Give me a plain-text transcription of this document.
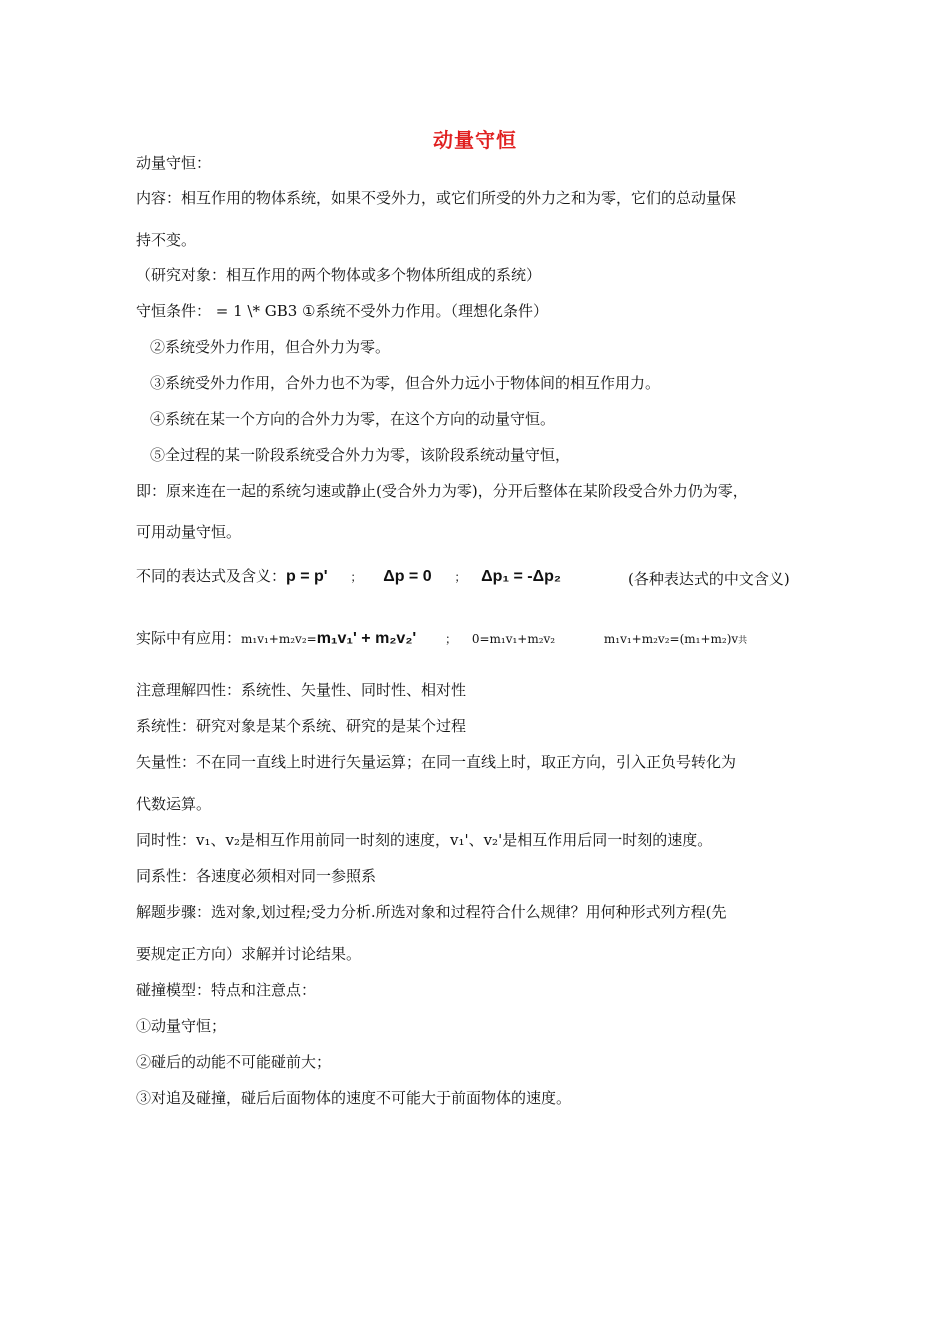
动量守恒
动量守恒：
内容：相互作用的物体系统，如果不受外力，或它们所受的外力之和为零，它们的总动量保
持不变。
（研究对象：相互作用的两个物体或多个物体所组成的系统）
守恒条件： = 1 \* GB3 ①系统不受外力作用。（理想化条件）
②系统受外力作用，但合外力为零。
③系统受外力作用，合外力也不为零，但合外力远小于物体间的相互作用力。
④系统在某一个方向的合外力为零，在这个方向的动量守恒。
⑤全过程的某一阶段系统受合外力为零，该阶段系统动量守恒，
即：原来连在一起的系统匀速或静止(受合外力为零)，分开后整体在某阶段受合外力仍为零，
可用动量守恒。
不同的表达式及含义：p = p' ； Δp = 0 ； Δp₁ = -Δp₂	(各种表达式的中文含义)
实际中有应用：m₁v₁+m₂v₂=m₁v₁' + m₂v₂' ； 0=m₁v₁+m₂v₂	m₁v₁+m₂v₂=(m₁+m₂)v共
注意理解四性：系统性、矢量性、同时性、相对性
系统性：研究对象是某个系统、研究的是某个过程
矢量性：不在同一直线上时进行矢量运算；在同一直线上时，取正方向，引入正负号转化为
代数运算。
同时性：v₁、v₂是相互作用前同一时刻的速度，v₁'、v₂'是相互作用后同一时刻的速度。
同系性：各速度必须相对同一参照系
解题步骤：选对象,划过程;受力分析.所选对象和过程符合什么规律？用何种形式列方程(先
要规定正方向）求解并讨论结果。
碰撞模型：特点和注意点：
①动量守恒；
②碰后的动能不可能碰前大；
③对追及碰撞，碰后后面物体的速度不可能大于前面物体的速度。
